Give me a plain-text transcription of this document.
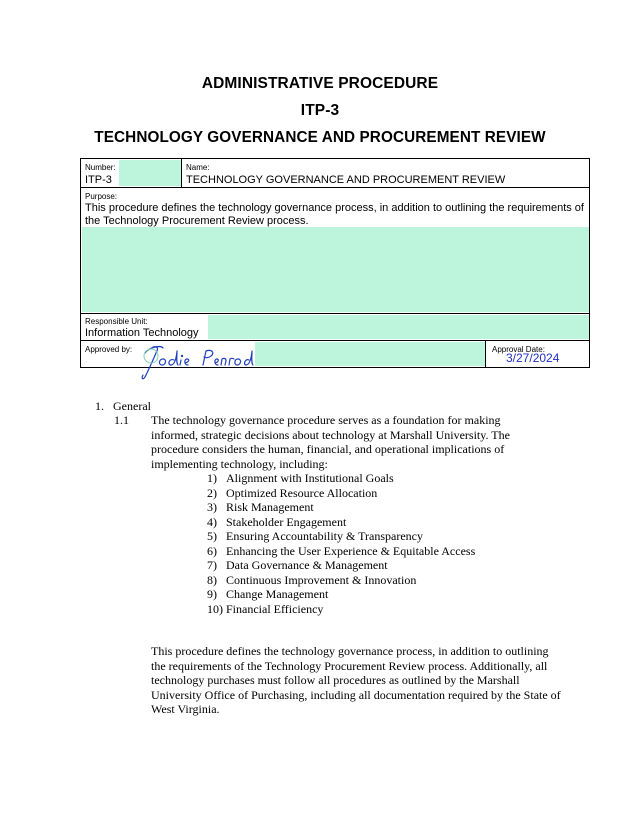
ADMINISTRATIVE PROCEDURE
ITP-3
TECHNOLOGY GOVERNANCE AND PROCUREMENT REVIEW
Number:
ITP-3
Name:
TECHNOLOGY GOVERNANCE AND PROCUREMENT REVIEW
Purpose:
This procedure defines the technology governance process, in addition to outlining the requirements of the Technology Procurement Review process.
Responsible Unit:
Information Technology
Approved by:	Approval Date:
3/27/2024
1. General
1.1 The technology governance procedure serves as a foundation for making informed, strategic decisions about technology at Marshall University. The procedure considers the human, financial, and operational implications of implementing technology, including:
1) Alignment with Institutional Goals
2) Optimized Resource Allocation
3) Risk Management
4) Stakeholder Engagement
5) Ensuring Accountability & Transparency
6) Enhancing the User Experience & Equitable Access
7) Data Governance & Management
8) Continuous Improvement & Innovation
9) Change Management
10) Financial Efficiency
This procedure defines the technology governance process, in addition to outlining the requirements of the Technology Procurement Review process. Additionally, all technology purchases must follow all procedures as outlined by the Marshall University Office of Purchasing, including all documentation required by the State of West Virginia.
